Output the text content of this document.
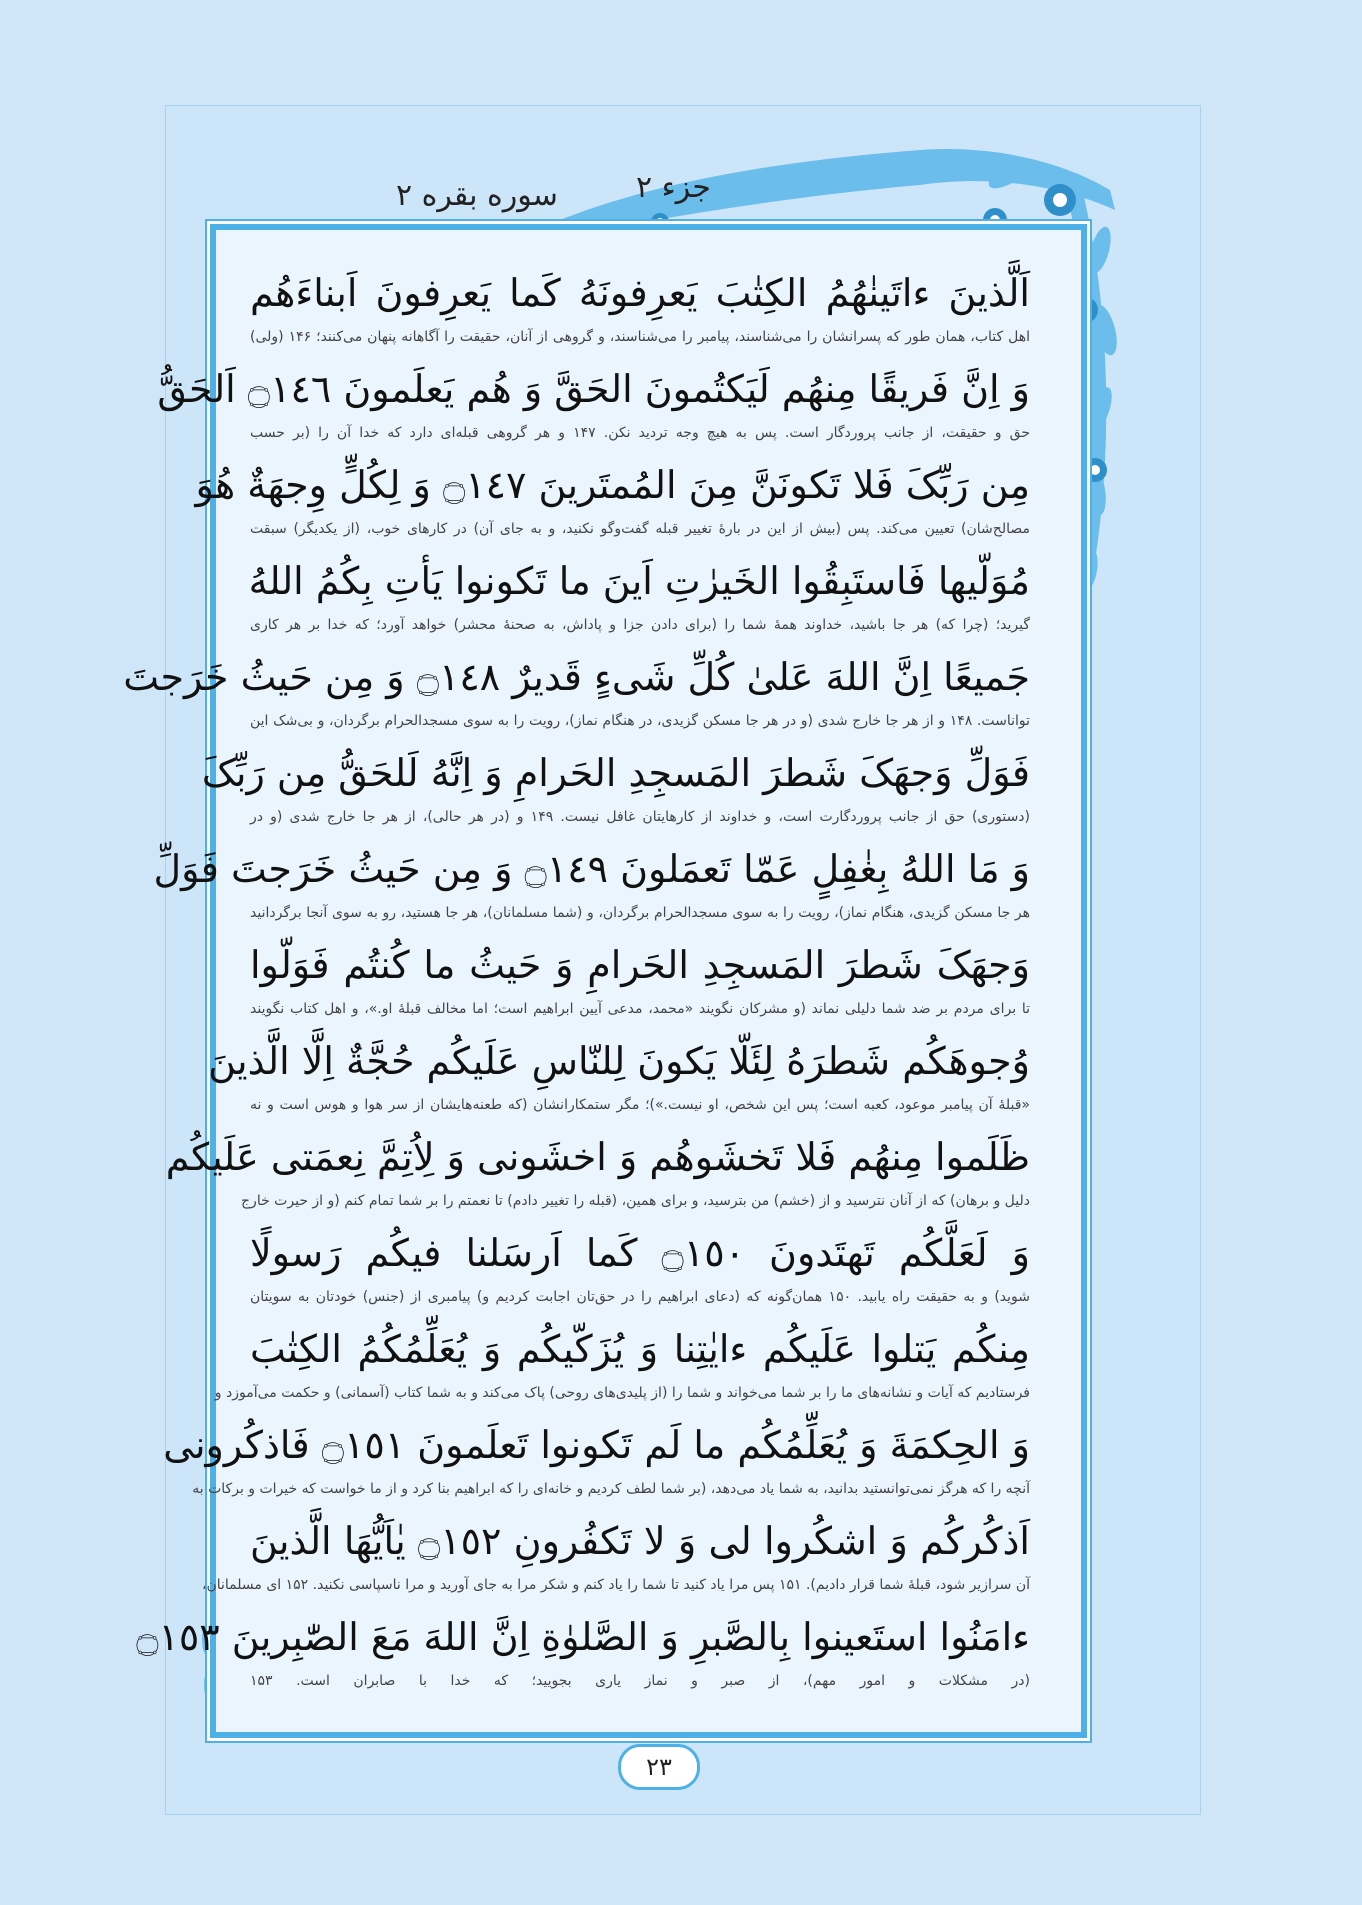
جزء ۲
سوره بقره ۲
اَلَّذینَ ءاتَینٰهُمُ الکِتٰبَ یَعرِفونَهُ کَما یَعرِفونَ اَبناءَهُم
اهل کتاب، همان طور که پسرانشان را می‌شناسند، پیامبر را می‌شناسند، و گروهی از آنان، حقیقت را آگاهانه پنهان می‌کنند؛ ۱۴۶ (ولی)
وَ اِنَّ فَریقًا مِنهُم لَیَکتُمونَ الحَقَّ وَ هُم یَعلَمونَ ۝١٤٦ اَلحَقُّ
حق و حقیقت، از جانب پروردگار است. پس به هیچ وجه تردید نکن. ۱۴۷ و هر گروهی قبله‌ای دارد که خدا آن را (بر حسب
مِن رَبِّکَ فَلا تَکونَنَّ مِنَ المُمتَرینَ ۝١٤٧ وَ لِکُلٍّ وِجهَةٌ هُوَ
مصالح‌شان) تعیین می‌کند. پس (بیش از این در بارهٔ تغییر قبله گفت‌وگو نکنید، و به جای آن) در کارهای خوب، (از یکدیگر) سبقت
مُوَلّیها فَاستَبِقُوا الخَیرٰتِ اَینَ ما تَکونوا یَأتِ بِکُمُ اللهُ
گیرید؛ (چرا که) هر جا باشید، خداوند همهٔ شما را (برای دادن جزا و پاداش، به صحنهٔ محشر) خواهد آورد؛ که خدا بر هر کاری
جَمیعًا اِنَّ اللهَ عَلیٰ کُلِّ شَیءٍ قَدیرٌ ۝١٤٨ وَ مِن حَیثُ خَرَجتَ
تواناست. ۱۴۸ و از هر جا خارج شدی (و در هر جا مسکن گزیدی، در هنگام نماز)، رویت را به سوی مسجدالحرام برگردان، و بی‌شک این
فَوَلِّ وَجهَکَ شَطرَ المَسجِدِ الحَرامِ وَ اِنَّهُ لَلحَقُّ مِن رَبِّکَ
(دستوری) حق از جانب پروردگارت است، و خداوند از کارهایتان غافل نیست. ۱۴۹ و (در هر حالی)، از هر جا خارج شدی (و در
وَ مَا اللهُ بِغٰفِلٍ عَمّا تَعمَلونَ ۝١٤٩ وَ مِن حَیثُ خَرَجتَ فَوَلِّ
هر جا مسکن گزیدی، هنگام نماز)، رویت را به سوی مسجدالحرام برگردان، و (شما مسلمانان)، هر جا هستید، رو به سوی آنجا برگردانید
وَجهَکَ شَطرَ المَسجِدِ الحَرامِ وَ حَیثُ ما کُنتُم فَوَلّوا
تا برای مردم بر ضد شما دلیلی نماند (و مشرکان نگویند «محمد، مدعی آیین ابراهیم است؛ اما مخالف قبلهٔ او.»، و اهل کتاب نگویند
وُجوهَکُم شَطرَهُ لِئَلّا یَکونَ لِلنّاسِ عَلَیکُم حُجَّةٌ اِلَّا الَّذینَ
«قبلهٔ آن پیامبر موعود، کعبه است؛ پس این شخص، او نیست.»)؛ مگر ستمکارانشان (که طعنه‌هایشان از سر هوا و هوس است و نه
ظَلَموا مِنهُم فَلا تَخشَوهُم وَ اخشَونی وَ لِاُتِمَّ نِعمَتی عَلَیکُم
دلیل و برهان) که از آنان نترسید و از (خشم) من بترسید، و برای همین، (قبله را تغییر دادم) تا نعمتم را بر شما تمام کنم (و از حیرت خارج
وَ لَعَلَّکُم تَهتَدونَ ۝١٥٠ کَما اَرسَلنا فیکُم رَسولًا
شوید) و به حقیقت راه یابید. ۱۵۰ همان‌گونه که (دعای ابراهیم را در حق‌تان اجابت کردیم و) پیامبری از (جنس) خودتان به سویتان
مِنکُم یَتلوا عَلَیکُم ءایٰتِنا وَ یُزَکّیکُم وَ یُعَلِّمُکُمُ الکِتٰبَ
فرستادیم که آیات و نشانه‌های ما را بر شما می‌خواند و شما را (از پلیدی‌های روحی) پاک می‌کند و به شما کتاب (آسمانی) و حکمت می‌آموزد و
وَ الحِکمَةَ وَ یُعَلِّمُکُم ما لَم تَکونوا تَعلَمونَ ۝١٥١ فَاذکُرونی
آنچه را که هرگز نمی‌توانستید بدانید، به شما یاد می‌دهد، (بر شما لطف کردیم و خانه‌ای را که ابراهیم بنا کرد و از ما خواست که خیرات و برکات به
اَذکُرکُم وَ اشکُروا لی وَ لا تَکفُرونِ ۝١٥٢ یٰاَیُّهَا الَّذینَ
آن سرازیر شود، قبلهٔ شما قرار دادیم). ۱۵۱ پس مرا یاد کنید تا شما را یاد کنم و شکر مرا به جای آورید و مرا ناسپاسی نکنید. ۱۵۲ ای مسلمانان،
ءامَنُوا استَعینوا بِالصَّبرِ وَ الصَّلوٰةِ اِنَّ اللهَ مَعَ الصّٰبِرینَ ۝١٥٣
(در مشکلات و امور مهم)، از صبر و نماز یاری بجویید؛ که خدا با صابران است. ۱۵۳
۲۳
